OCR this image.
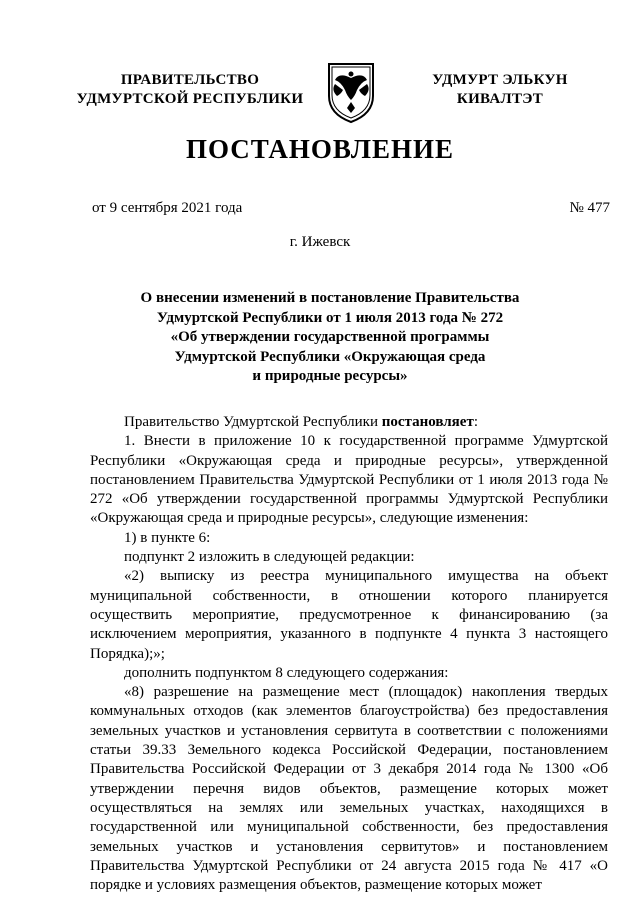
ПРАВИТЕЛЬСТВО
УДМУРТСКОЙ РЕСПУБЛИКИ
УДМУРТ ЭЛЬКУН
КИВАЛТЭТ
ПОСТАНОВЛЕНИЕ
от 9 сентября 2021 года	№ 477
г. Ижевск
О внесении изменений в постановление Правительства
Удмуртской Республики от 1 июля 2013 года № 272
«Об утверждении государственной программы
Удмуртской Республики «Окружающая среда
и природные ресурсы»

Правительство Удмуртской Республики постановляет:

1. Внести в приложение 10 к государственной программе Удмуртской Республики «Окружающая среда и природные ресурсы», утвержденной постановлением Правительства Удмуртской Республики от 1 июля 2013 года № 272 «Об утверждении государственной программы Удмуртской Республики «Окружающая среда и природные ресурсы», следующие изменения:

1) в пункте 6:

подпункт 2 изложить в следующей редакции:

«2) выписку из реестра муниципального имущества на объект муниципальной собственности, в отношении которого планируется осуществить мероприятие, предусмотренное к финансированию (за исключением мероприятия, указанного в подпункте 4 пункта 3 настоящего Порядка);»;

дополнить подпунктом 8 следующего содержания:

«8) разрешение на размещение мест (площадок) накопления твердых коммунальных отходов (как элементов благоустройства) без предоставления земельных участков и установления сервитута в соответствии с положениями статьи 39.33 Земельного кодекса Российской Федерации, постановлением Правительства Российской Федерации от 3 декабря 2014 года № 1300 «Об утверждении перечня видов объектов, размещение которых может осуществляться на землях или земельных участках, находящихся в государственной или муниципальной собственности, без предоставления земельных участков и установления сервитутов» и постановлением Правительства Удмуртской Республики от 24 августа 2015 года № 417 «О порядке и условиях размещения объектов, размещение которых может
